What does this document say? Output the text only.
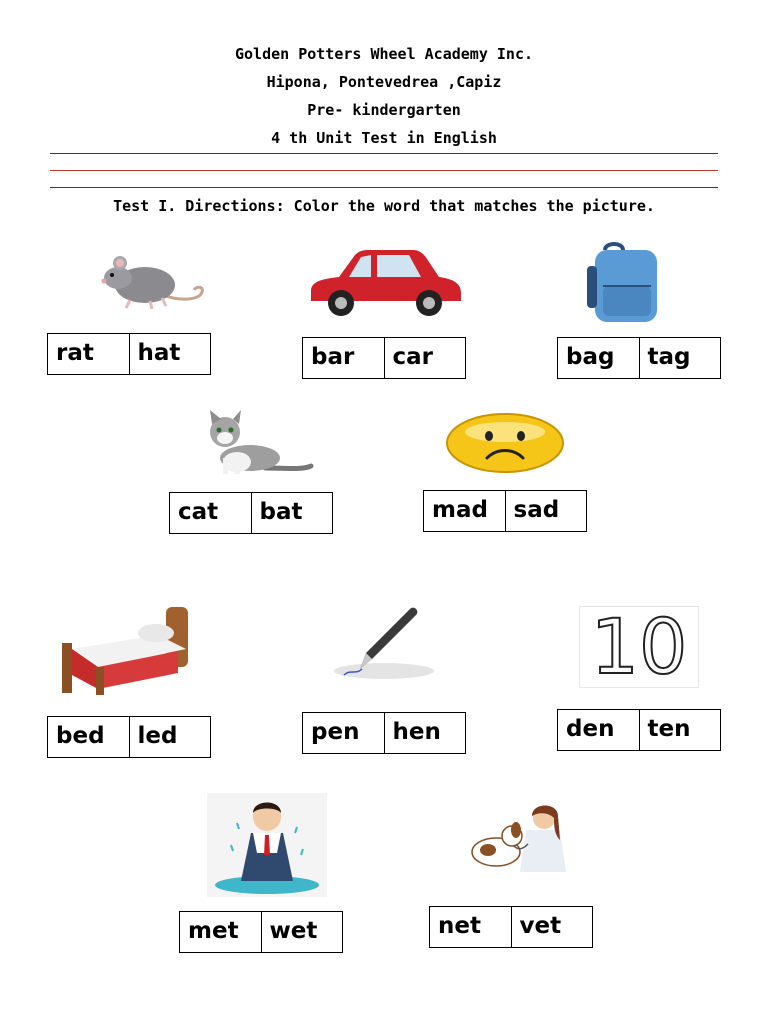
Golden Potters Wheel Academy Inc.
Hipona, Pontevedrea ,Capiz
Pre- kindergarten
4 th Unit Test in English
Test I. Directions: Color the word that matches the picture.
rat	hat	bar	car	bag	tag
cat	bat	mad	sad
bed	led	pen	hen
10
den	ten
met	wet	net	vet
